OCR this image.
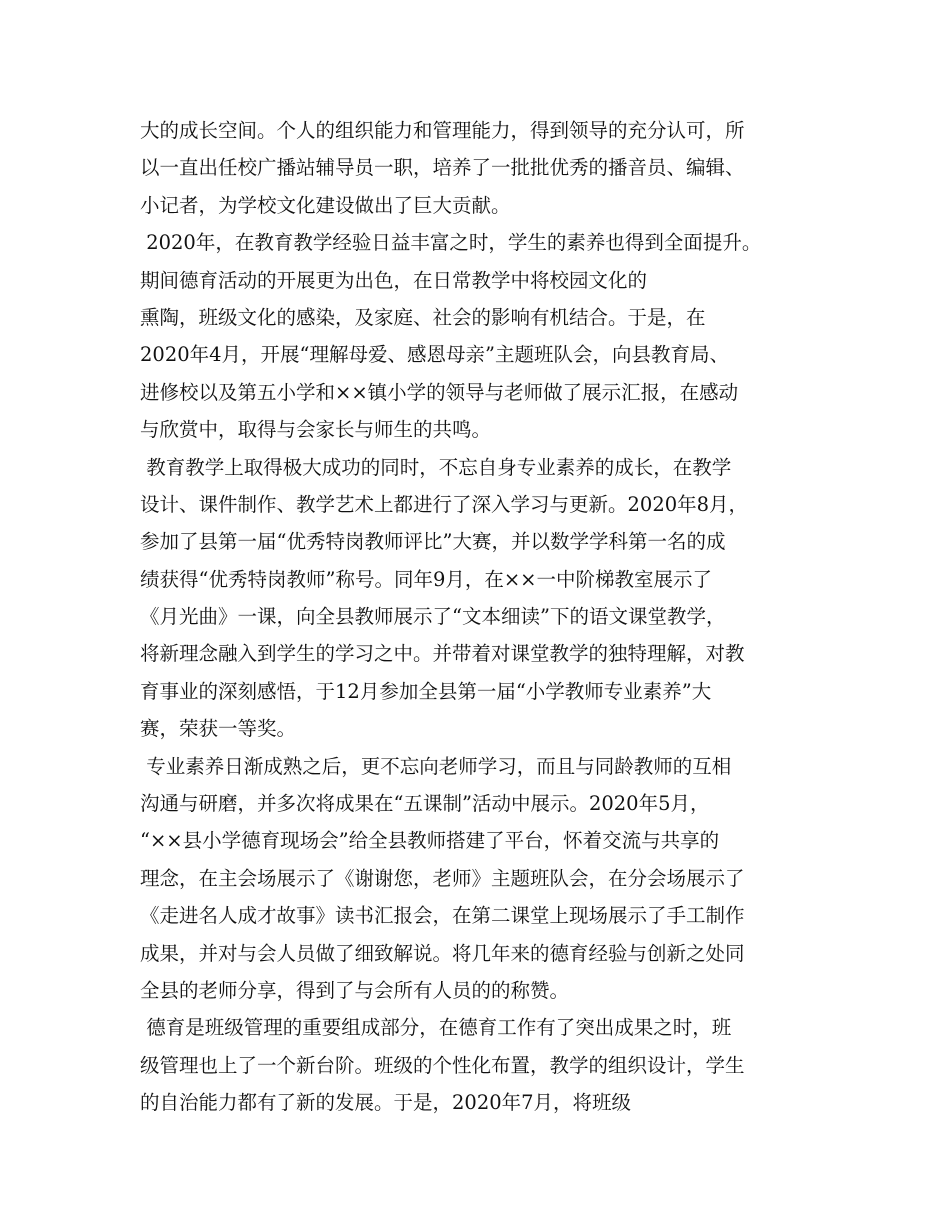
大的成长空间。个人的组织能力和管理能力，得到领导的充分认可，所
以一直出任校广播站辅导员一职，培养了一批批优秀的播音员、编辑、
小记者，为学校文化建设做出了巨大贡献。
2020年，在教育教学经验日益丰富之时，学生的素养也得到全面提升。
期间德育活动的开展更为出色，在日常教学中将校园文化的
熏陶，班级文化的感染，及家庭、社会的影响有机结合。于是，在
2020年4月，开展“理解母爱、感恩母亲”主题班队会，向县教育局、
进修校以及第五小学和××镇小学的领导与老师做了展示汇报，在感动
与欣赏中，取得与会家长与师生的共鸣。
教育教学上取得极大成功的同时，不忘自身专业素养的成长，在教学
设计、课件制作、教学艺术上都进行了深入学习与更新。2020年8月，
参加了县第一届“优秀特岗教师评比”大赛，并以数学学科第一名的成
绩获得“优秀特岗教师”称号。同年9月，在××一中阶梯教室展示了
《月光曲》一课，向全县教师展示了“文本细读”下的语文课堂教学，
将新理念融入到学生的学习之中。并带着对课堂教学的独特理解，对教
育事业的深刻感悟，于12月参加全县第一届“小学教师专业素养”大
赛，荣获一等奖。
专业素养日渐成熟之后，更不忘向老师学习，而且与同龄教师的互相
沟通与研磨，并多次将成果在“五课制”活动中展示。2020年5月，
“××县小学德育现场会”给全县教师搭建了平台，怀着交流与共享的
理念，在主会场展示了《谢谢您，老师》主题班队会，在分会场展示了
《走进名人成才故事》读书汇报会，在第二课堂上现场展示了手工制作
成果，并对与会人员做了细致解说。将几年来的德育经验与创新之处同
全县的老师分享，得到了与会所有人员的的称赞。
德育是班级管理的重要组成部分，在德育工作有了突出成果之时，班
级管理也上了一个新台阶。班级的个性化布置，教学的组织设计，学生
的自治能力都有了新的发展。于是，2020年7月，将班级
